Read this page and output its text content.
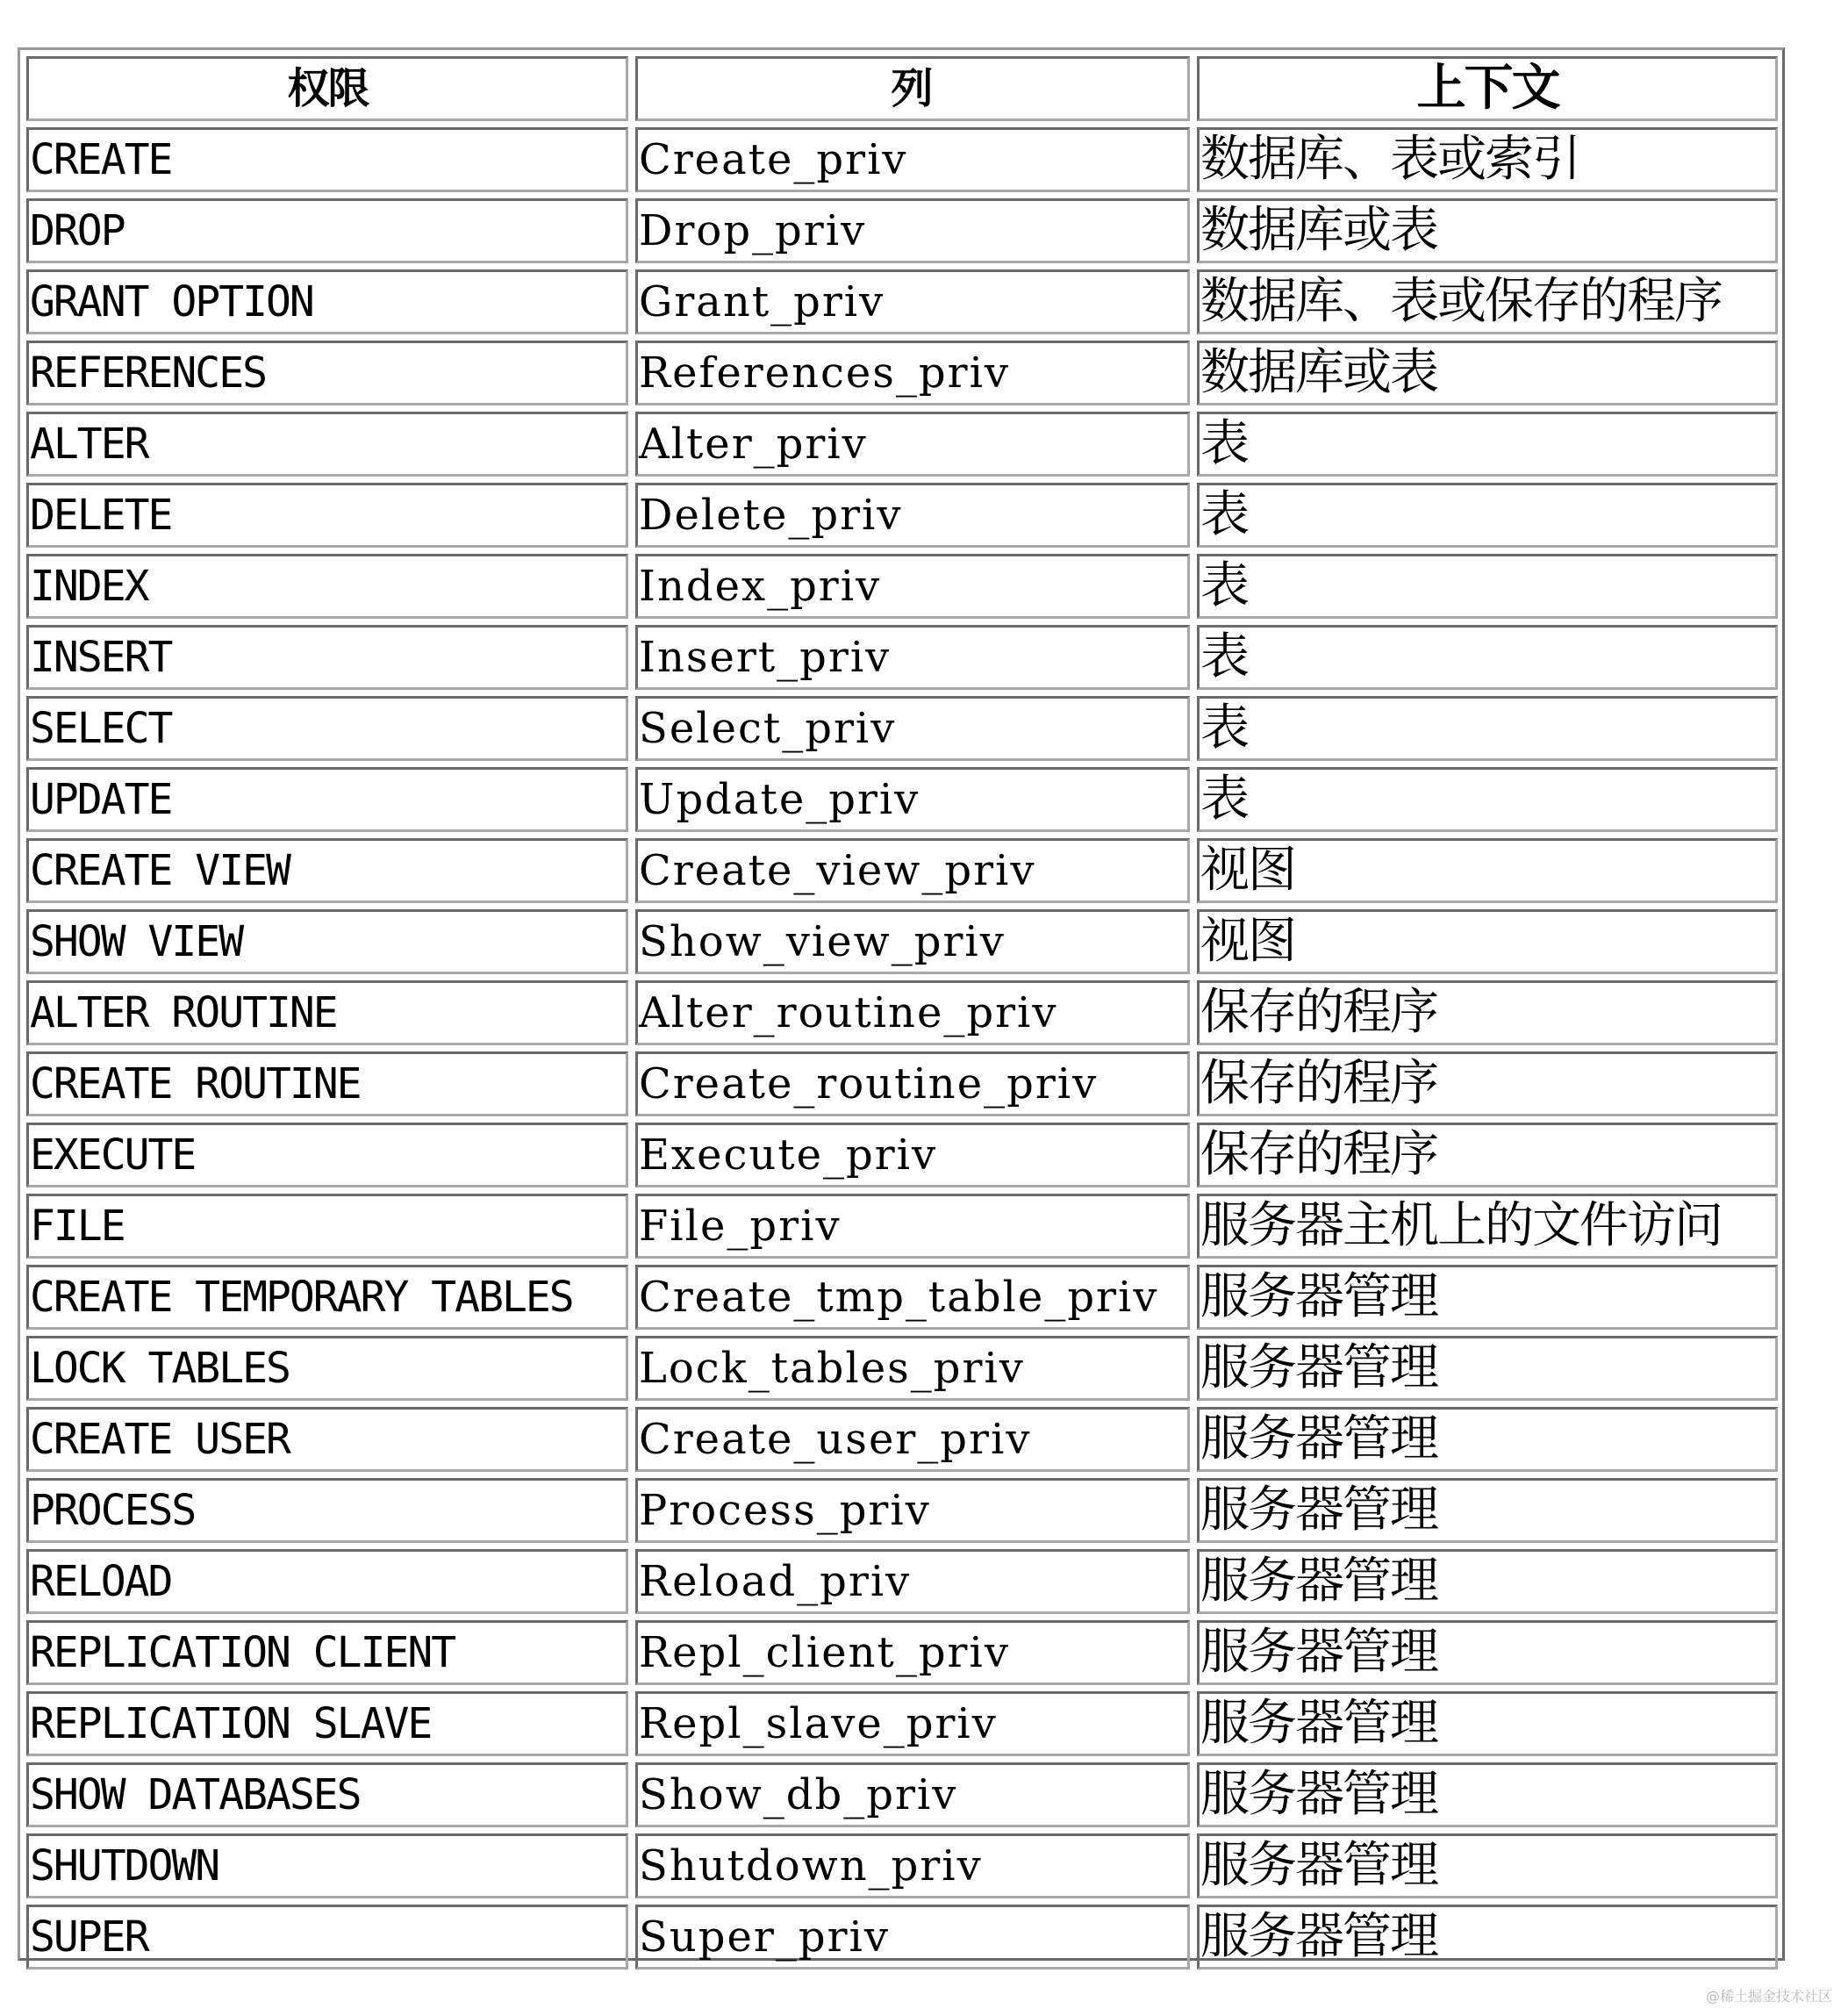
权限	列	上下文

CREATE	Create_priv	数据库、表或索引

DROP	Drop_priv	数据库或表

GRANT OPTION	Grant_priv	数据库、表或保存的程序

REFERENCES	References_priv	数据库或表

ALTER	Alter_priv	表

DELETE	Delete_priv	表

INDEX	Index_priv	表

INSERT	Insert_priv	表

SELECT	Select_priv	表

UPDATE	Update_priv	表

CREATE VIEW	Create_view_priv	视图

SHOW VIEW	Show_view_priv	视图

ALTER ROUTINE	Alter_routine_priv	保存的程序

CREATE ROUTINE	Create_routine_priv	保存的程序

EXECUTE	Execute_priv	保存的程序

FILE	File_priv	服务器主机上的文件访问

CREATE TEMPORARY TABLES	Create_tmp_table_priv	服务器管理

LOCK TABLES	Lock_tables_priv	服务器管理

CREATE USER	Create_user_priv	服务器管理

PROCESS	Process_priv	服务器管理

RELOAD	Reload_priv	服务器管理

REPLICATION CLIENT	Repl_client_priv	服务器管理

REPLICATION SLAVE	Repl_slave_priv	服务器管理

SHOW DATABASES	Show_db_priv	服务器管理

SHUTDOWN	Shutdown_priv	服务器管理

SUPER	Super_priv	服务器管理
@稀土掘金技术社区
